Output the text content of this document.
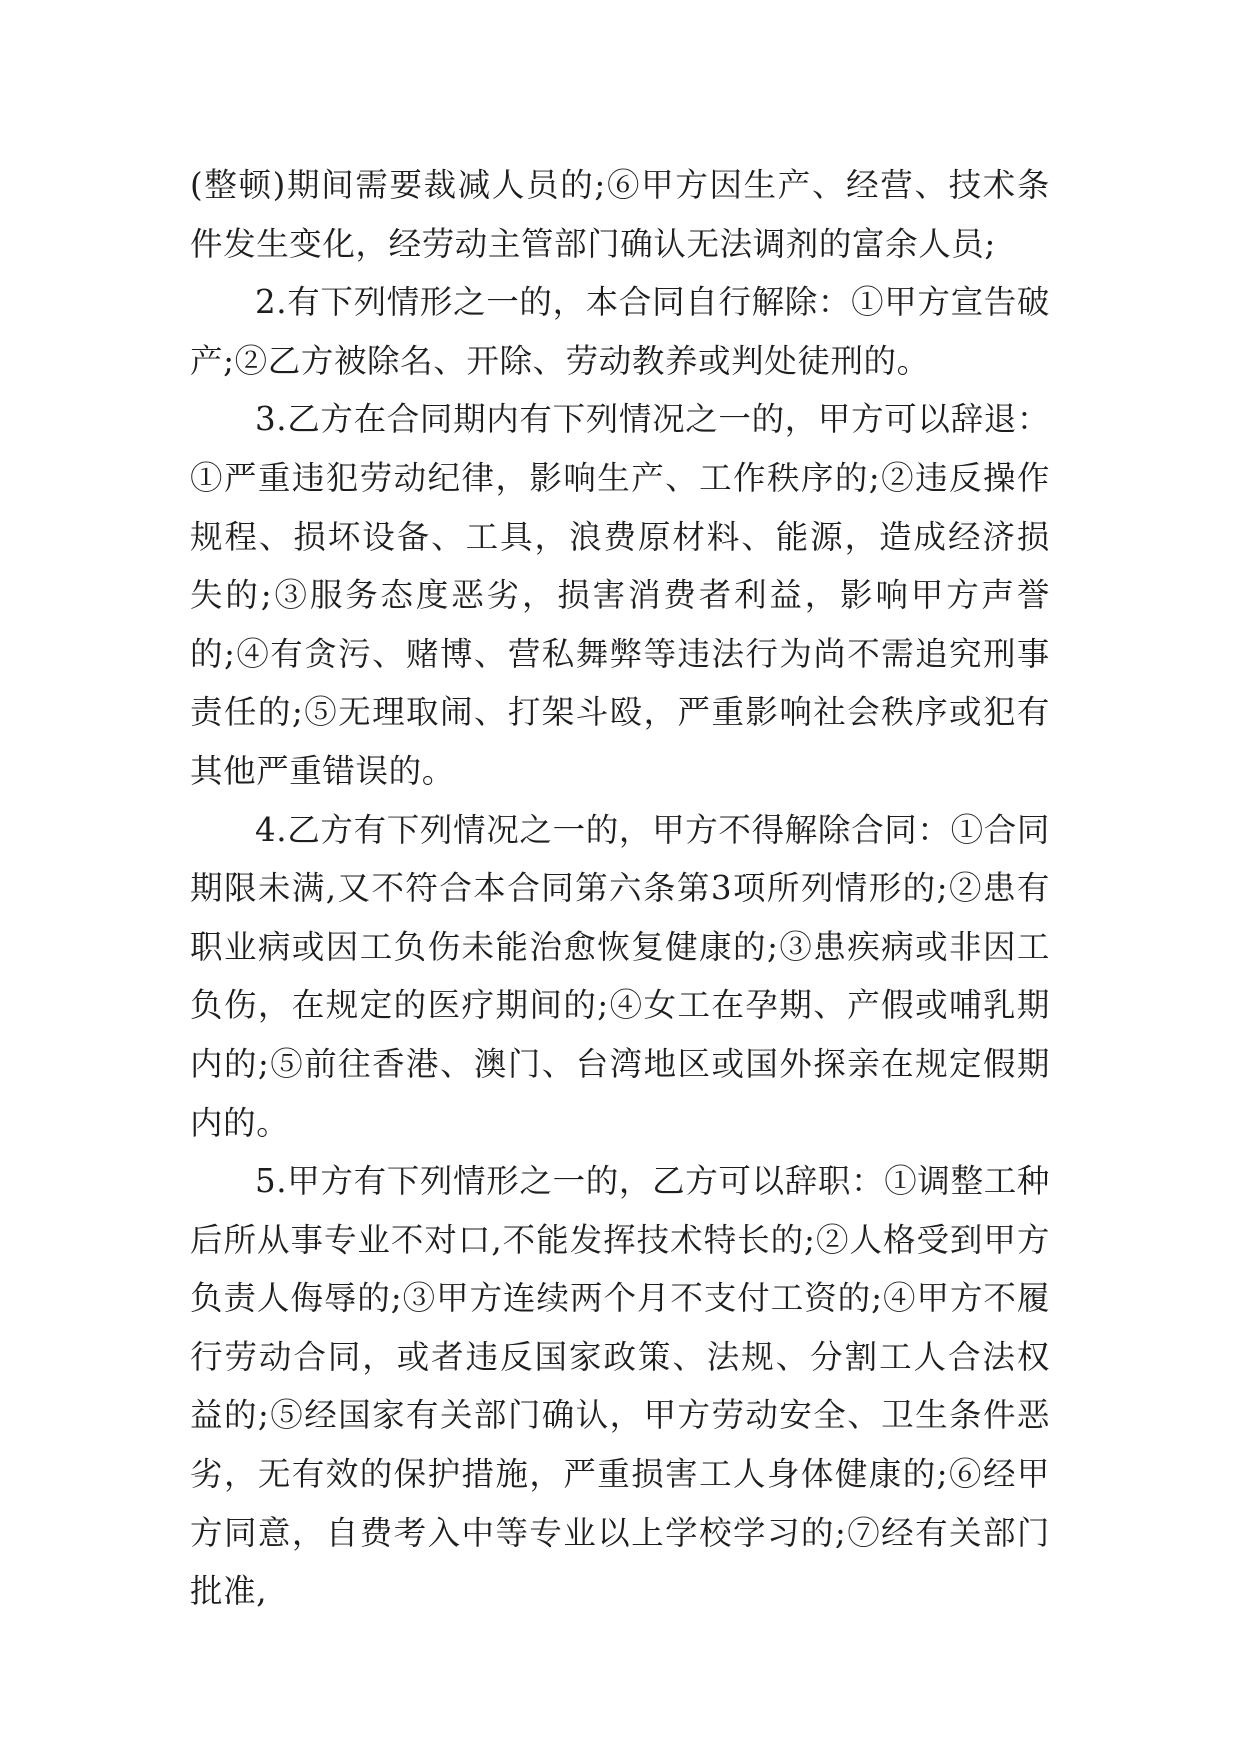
(整顿)期间需要裁减人员的;⑥甲方因生产、经营、技术条件发生变化，经劳动主管部门确认无法调剂的富余人员;

2.有下列情形之一的，本合同自行解除：①甲方宣告破产;②乙方被除名、开除、劳动教养或判处徒刑的。

3.乙方在合同期内有下列情况之一的，甲方可以辞退：①严重违犯劳动纪律，影响生产、工作秩序的;②违反操作规程、损坏设备、工具，浪费原材料、能源，造成经济损失的;③服务态度恶劣，损害消费者利益，影响甲方声誉的;④有贪污、赌博、营私舞弊等违法行为尚不需追究刑事责任的;⑤无理取闹、打架斗殴，严重影响社会秩序或犯有其他严重错误的。

4.乙方有下列情况之一的，甲方不得解除合同：①合同期限未满,又不符合本合同第六条第3项所列情形的;②患有职业病或因工负伤未能治愈恢复健康的;③患疾病或非因工负伤，在规定的医疗期间的;④女工在孕期、产假或哺乳期内的;⑤前往香港、澳门、台湾地区或国外探亲在规定假期内的。

5.甲方有下列情形之一的，乙方可以辞职：①调整工种后所从事专业不对口,不能发挥技术特长的;②人格受到甲方负责人侮辱的;③甲方连续两个月不支付工资的;④甲方不履行劳动合同，或者违反国家政策、法规、分割工人合法权益的;⑤经国家有关部门确认，甲方劳动安全、卫生条件恶劣，无有效的保护措施，严重损害工人身体健康的;⑥经甲方同意，自费考入中等专业以上学校学习的;⑦经有关部门批准,
